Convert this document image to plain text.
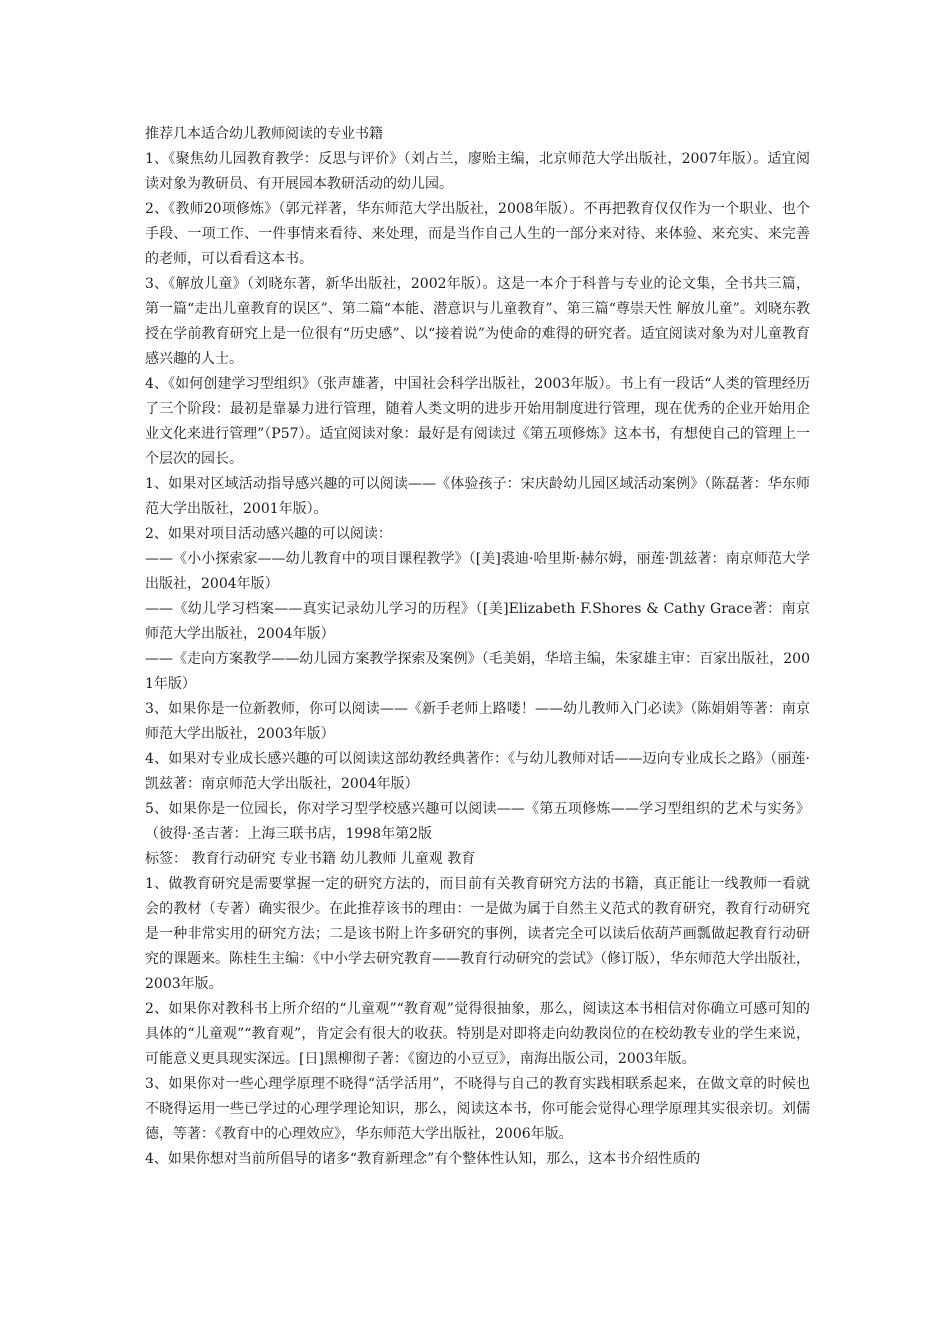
推荐几本适合幼儿教师阅读的专业书籍

1、《聚焦幼儿园教育教学：反思与评价》（刘占兰，廖贻主编，北京师范大学出版社，2007年版）。适宜阅读对象为教研员、有开展园本教研活动的幼儿园。

2、《教师20项修炼》（郭元祥著，华东师范大学出版社，2008年版）。不再把教育仅仅作为一个职业、也个手段、一项工作、一件事情来看待、来处理，而是当作自己人生的一部分来对待、来体验、来充实、来完善的老师，可以看看这本书。

3、《解放儿童》（刘晓东著，新华出版社，2002年版）。这是一本介于科普与专业的论文集，全书共三篇，第一篇“走出儿童教育的误区”、第二篇“本能、潜意识与儿童教育”、第三篇“尊崇天性 解放儿童”。刘晓东教授在学前教育研究上是一位很有“历史感”、以“接着说”为使命的难得的研究者。适宜阅读对象为对儿童教育感兴趣的人士。

4、《如何创建学习型组织》（张声雄著，中国社会科学出版社，2003年版）。书上有一段话“人类的管理经历了三个阶段：最初是靠暴力进行管理，随着人类文明的进步开始用制度进行管理，现在优秀的企业开始用企业文化来进行管理”（P57）。适宜阅读对象：最好是有阅读过《第五项修炼》这本书，有想使自己的管理上一个层次的园长。

1、如果对区域活动指导感兴趣的可以阅读——《体验孩子：宋庆龄幼儿园区域活动案例》（陈磊著：华东师范大学出版社，2001年版）。

2、如果对项目活动感兴趣的可以阅读：

——《小小探索家——幼儿教育中的项目课程教学》（[美]裘迪·哈里斯·赫尔姆，丽莲·凯兹著：南京师范大学出版社，2004年版）

——《幼儿学习档案——真实记录幼儿学习的历程》（[美]Elizabeth F.Shores & Cathy Grace著：南京师范大学出版社，2004年版）

——《走向方案教学——幼儿园方案教学探索及案例》（毛美娟，华培主编，朱家雄主审：百家出版社，2001年版）

3、如果你是一位新教师，你可以阅读——《新手老师上路喽！——幼儿教师入门必读》（陈娟娟等著：南京师范大学出版社，2003年版）

4、如果对专业成长感兴趣的可以阅读这部幼教经典著作：《与幼儿教师对话——迈向专业成长之路》（丽莲·凯兹著：南京师范大学出版社，2004年版）

5、如果你是一位园长，你对学习型学校感兴趣可以阅读——《第五项修炼——学习型组织的艺术与实务》（彼得·圣吉著：上海三联书店，1998年第2版

标签： 教育行动研究 专业书籍 幼儿教师 儿童观 教育

1、做教育研究是需要掌握一定的研究方法的，而目前有关教育研究方法的书籍，真正能让一线教师一看就会的教材（专著）确实很少。在此推荐该书的理由：一是做为属于自然主义范式的教育研究，教育行动研究是一种非常实用的研究方法；二是该书附上许多研究的事例，读者完全可以读后依葫芦画瓢做起教育行动研究的课题来。陈桂生主编：《中小学去研究教育——教育行动研究的尝试》（修订版），华东师范大学出版社， 2003年版。

2、如果你对教科书上所介绍的“儿童观”“教育观”觉得很抽象，那么，阅读这本书相信对你确立可感可知的具体的“儿童观”“教育观”，肯定会有很大的收获。特别是对即将走向幼教岗位的在校幼教专业的学生来说，可能意义更具现实深远。[日]黑柳彻子著：《窗边的小豆豆》，南海出版公司，2003年版。

3、如果你对一些心理学原理不晓得“活学活用”，不晓得与自己的教育实践相联系起来，在做文章的时候也不晓得运用一些已学过的心理学理论知识，那么，阅读这本书，你可能会觉得心理学原理其实很亲切。刘儒德，等著：《教育中的心理效应》，华东师范大学出版社，2006年版。

4、如果你想对当前所倡导的诸多“教育新理念”有个整体性认知，那么，这本书介绍性质的
